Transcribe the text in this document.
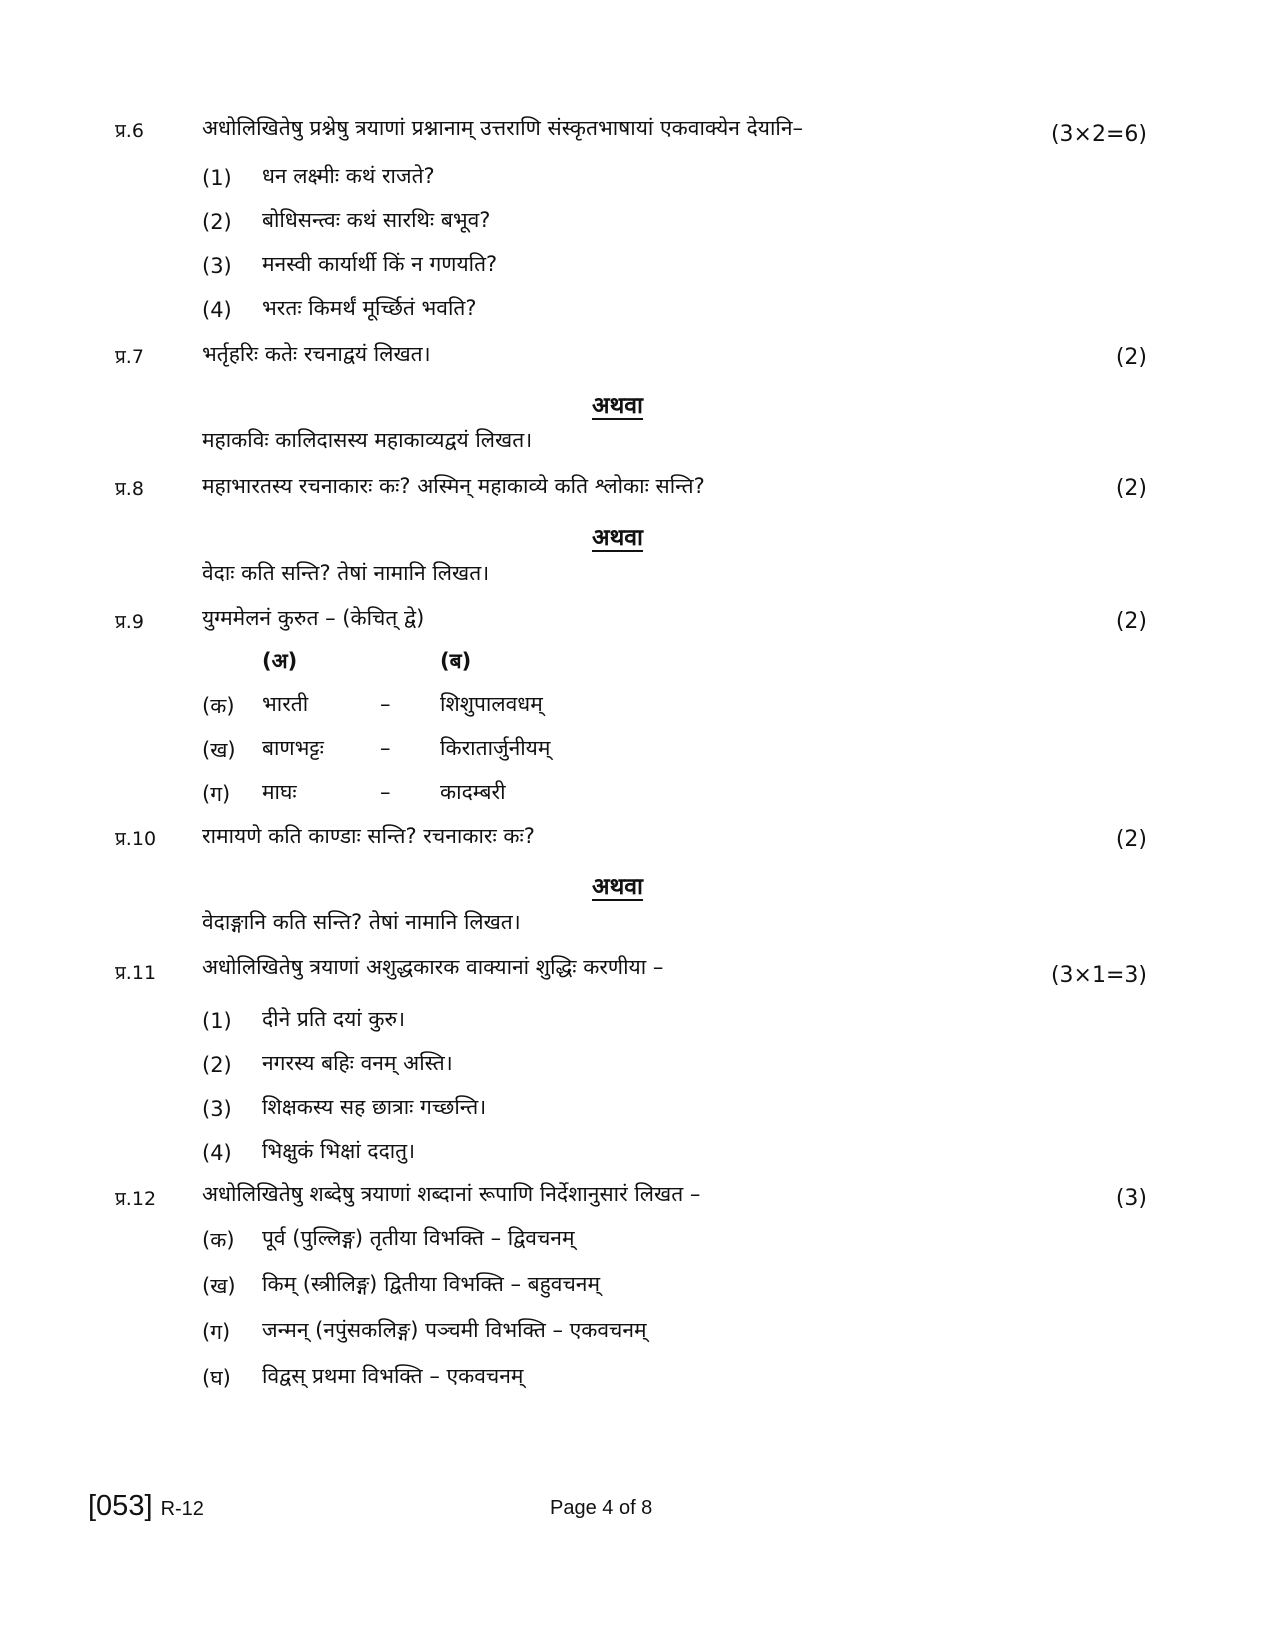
प्र.6	अधोलिखितेषु प्रश्नेषु त्रयाणां प्रश्नानाम् उत्तराणि संस्कृतभाषायां एकवाक्येन देयानि–	(3×2=6)
(1) धन लक्ष्मीः कथं राजते?
(2) बोधिसन्त्वः कथं सारथिः बभूव?
(3) मनस्वी कार्यार्थी किं न गणयति?
(4) भरतः किमर्थं मूर्च्छितं भवति?
प्र.7	भर्तृहरिः कतेः रचनाद्वयं लिखत।	(2)
अथवा
महाकविः कालिदासस्य महाकाव्यद्वयं लिखत।
प्र.8	महाभारतस्य रचनाकारः कः? अस्मिन् महाकाव्ये कति श्लोकाः सन्ति?	(2)
अथवा
वेदाः कति सन्ति? तेषां नामानि लिखत।
प्र.9	युग्ममेलनं कुरुत – (केचित् द्वे)	(2)
(अ)	(ब)
(क) भारती	– शिशुपालवधम्
(ख) बाणभट्टः	– किरातार्जुनीयम्
(ग) माघः	– कादम्बरी
प्र.10 रामायणे कति काण्डाः सन्ति? रचनाकारः कः?	(2)
अथवा
वेदाङ्गानि कति सन्ति? तेषां नामानि लिखत।
प्र.11 अधोलिखितेषु त्रयाणां अशुद्धकारक वाक्यानां शुद्धिः करणीया –	(3×1=3)
(1) दीने प्रति दयां कुरु।
(2) नगरस्य बहिः वनम् अस्ति।
(3) शिक्षकस्य सह छात्राः गच्छन्ति।
(4) भिक्षुकं भिक्षां ददातु।
प्र.12 अधोलिखितेषु शब्देषु त्रयाणां शब्दानां रूपाणि निर्देशानुसारं लिखत –	(3)
(क) पूर्व (पुल्लिङ्ग) तृतीया विभक्ति – द्विवचनम्
(ख) किम् (स्त्रीलिङ्ग) द्वितीया विभक्ति – बहुवचनम्
(ग) जन्मन् (नपुंसकलिङ्ग) पञ्चमी विभक्ति – एकवचनम्
(घ) विद्वस् प्रथमा विभक्ति – एकवचनम्
[053] R-12	Page 4 of 8
